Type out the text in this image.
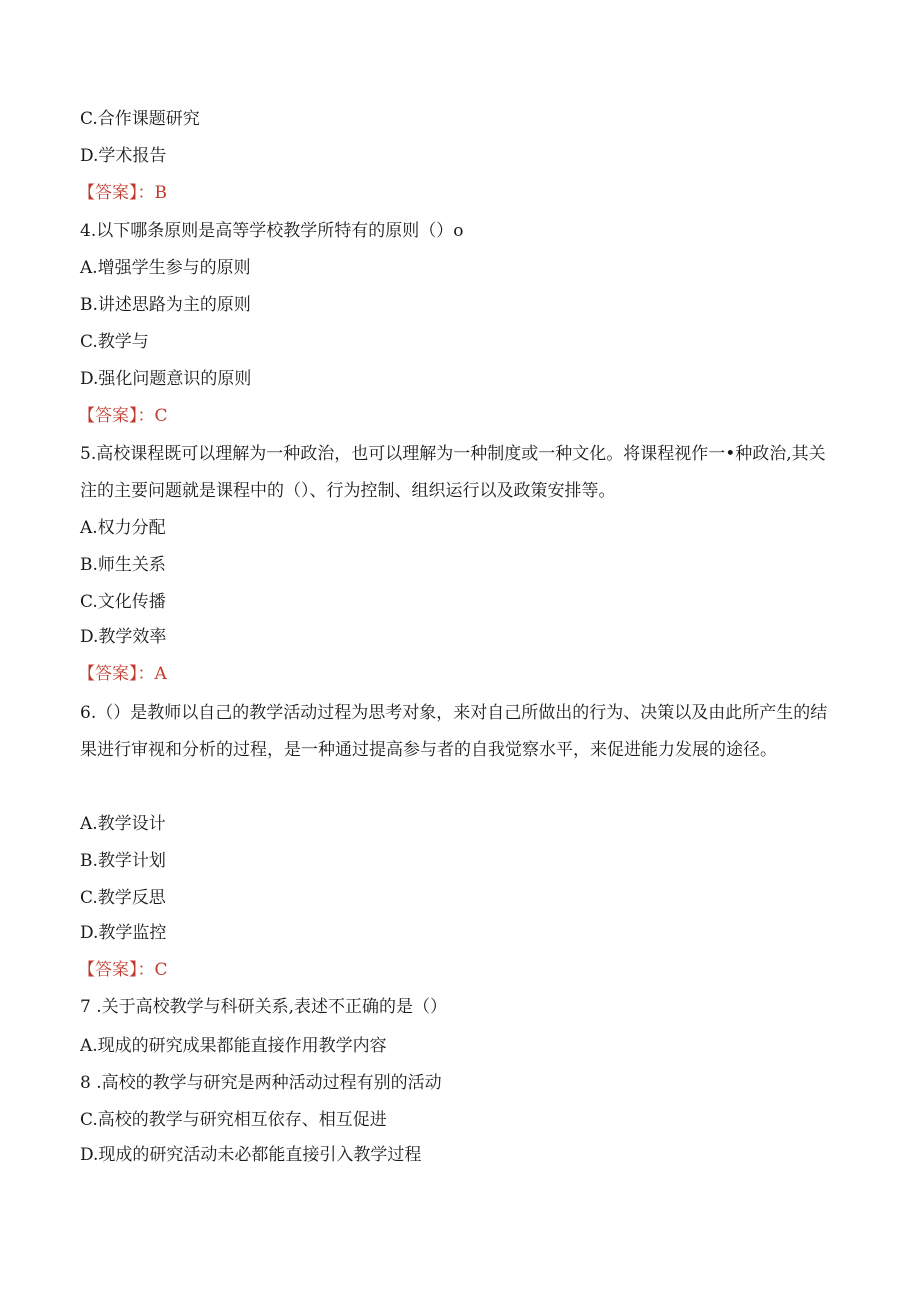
C.合作课题研究
D.学术报告
【答案】：B
4.以下哪条原则是高等学校教学所特有的原则（）o
A.增强学生参与的原则
B.讲述思路为主的原则
C.教学与
D.强化问题意识的原则
【答案】：C
5.高校课程既可以理解为一种政治，也可以理解为一种制度或一种文化。将课程视作一•种政治,其关注的主要问题就是课程中的（）、行为控制、组织运行以及政策安排等。
A.权力分配
B.师生关系
C.文化传播
D.教学效率
【答案】：A
6.（）是教师以自己的教学活动过程为思考对象，来对自己所做出的行为、决策以及由此所产生的结果进行审视和分析的过程，是一种通过提高参与者的自我觉察水平，来促进能力发展的途径。
A.教学设计
B.教学计划
C.教学反思
D.教学监控
【答案】：C
7 .关于高校教学与科研关系,表述不正确的是（）
A.现成的研究成果都能直接作用教学内容
8 .高校的教学与研究是两种活动过程有别的活动
C.高校的教学与研究相互依存、相互促进
D.现成的研究活动未必都能直接引入教学过程
